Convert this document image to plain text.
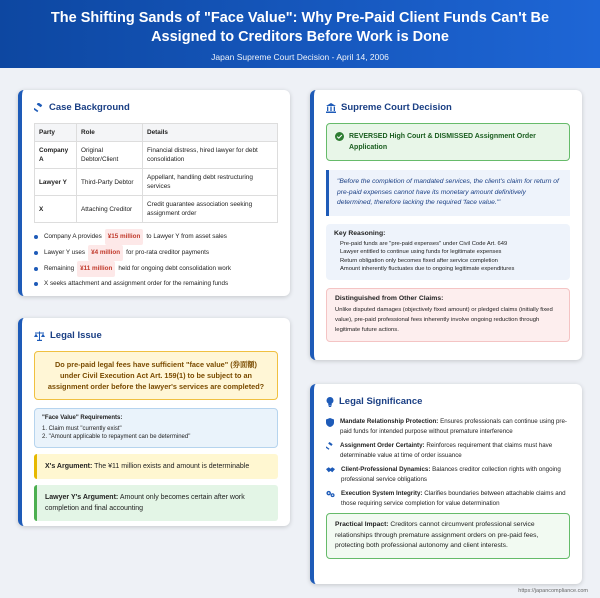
The Shifting Sands of "Face Value": Why Pre-Paid Client Funds Can't Be Assigned to Creditors Before Work is Done
Japan Supreme Court Decision - April 14, 2006
Case Background
Party	Role	Details
Company A	Original Debtor/Client	Financial distress, hired lawyer for debt consolidation
Lawyer Y	Third-Party Debtor	Appellant, handling debt restructuring services
X	Attaching Creditor	Credit guarantee association seeking assignment order
Company A provides ¥15 million to Lawyer Y from asset sales
Lawyer Y uses ¥4 million for pro-rata creditor payments
Remaining ¥11 million held for ongoing debt consolidation work
X seeks attachment and assignment order for the remaining funds
Legal Issue
Do pre-paid legal fees have sufficient "face value" (券面額) under Civil Execution Act Art. 159(1) to be subject to an assignment order before the lawyer's services are completed?
"Face Value" Requirements:
1. Claim must "currently exist"
2. "Amount applicable to repayment can be determined"
X's Argument: The ¥11 million exists and amount is determinable
Lawyer Y's Argument: Amount only becomes certain after work completion and final accounting
Supreme Court Decision
REVERSED High Court & DISMISSED Assignment Order Application
"Before the completion of mandated services, the client's claim for return of pre-paid expenses cannot have its monetary amount definitively determined, therefore lacking the required 'face value.'"
Key Reasoning:
Pre-paid funds are "pre-paid expenses" under Civil Code Art. 649
Lawyer entitled to continue using funds for legitimate expenses
Return obligation only becomes fixed after service completion
Amount inherently fluctuates due to ongoing legitimate expenditures
Distinguished from Other Claims:
Unlike disputed damages (objectively fixed amount) or pledged claims (initially fixed value), pre-paid professional fees inherently involve ongoing reduction through legitimate future actions.
Legal Significance
Mandate Relationship Protection: Ensures professionals can continue using pre-paid funds for intended purpose without premature interference
Assignment Order Certainty: Reinforces requirement that claims must have determinable value at time of order issuance
Client-Professional Dynamics: Balances creditor collection rights with ongoing professional service obligations
Execution System Integrity: Clarifies boundaries between attachable claims and those requiring service completion for value determination
Practical Impact: Creditors cannot circumvent professional service relationships through premature assignment orders on pre-paid fees, protecting both professional autonomy and client interests.
https://japancompliance.com
